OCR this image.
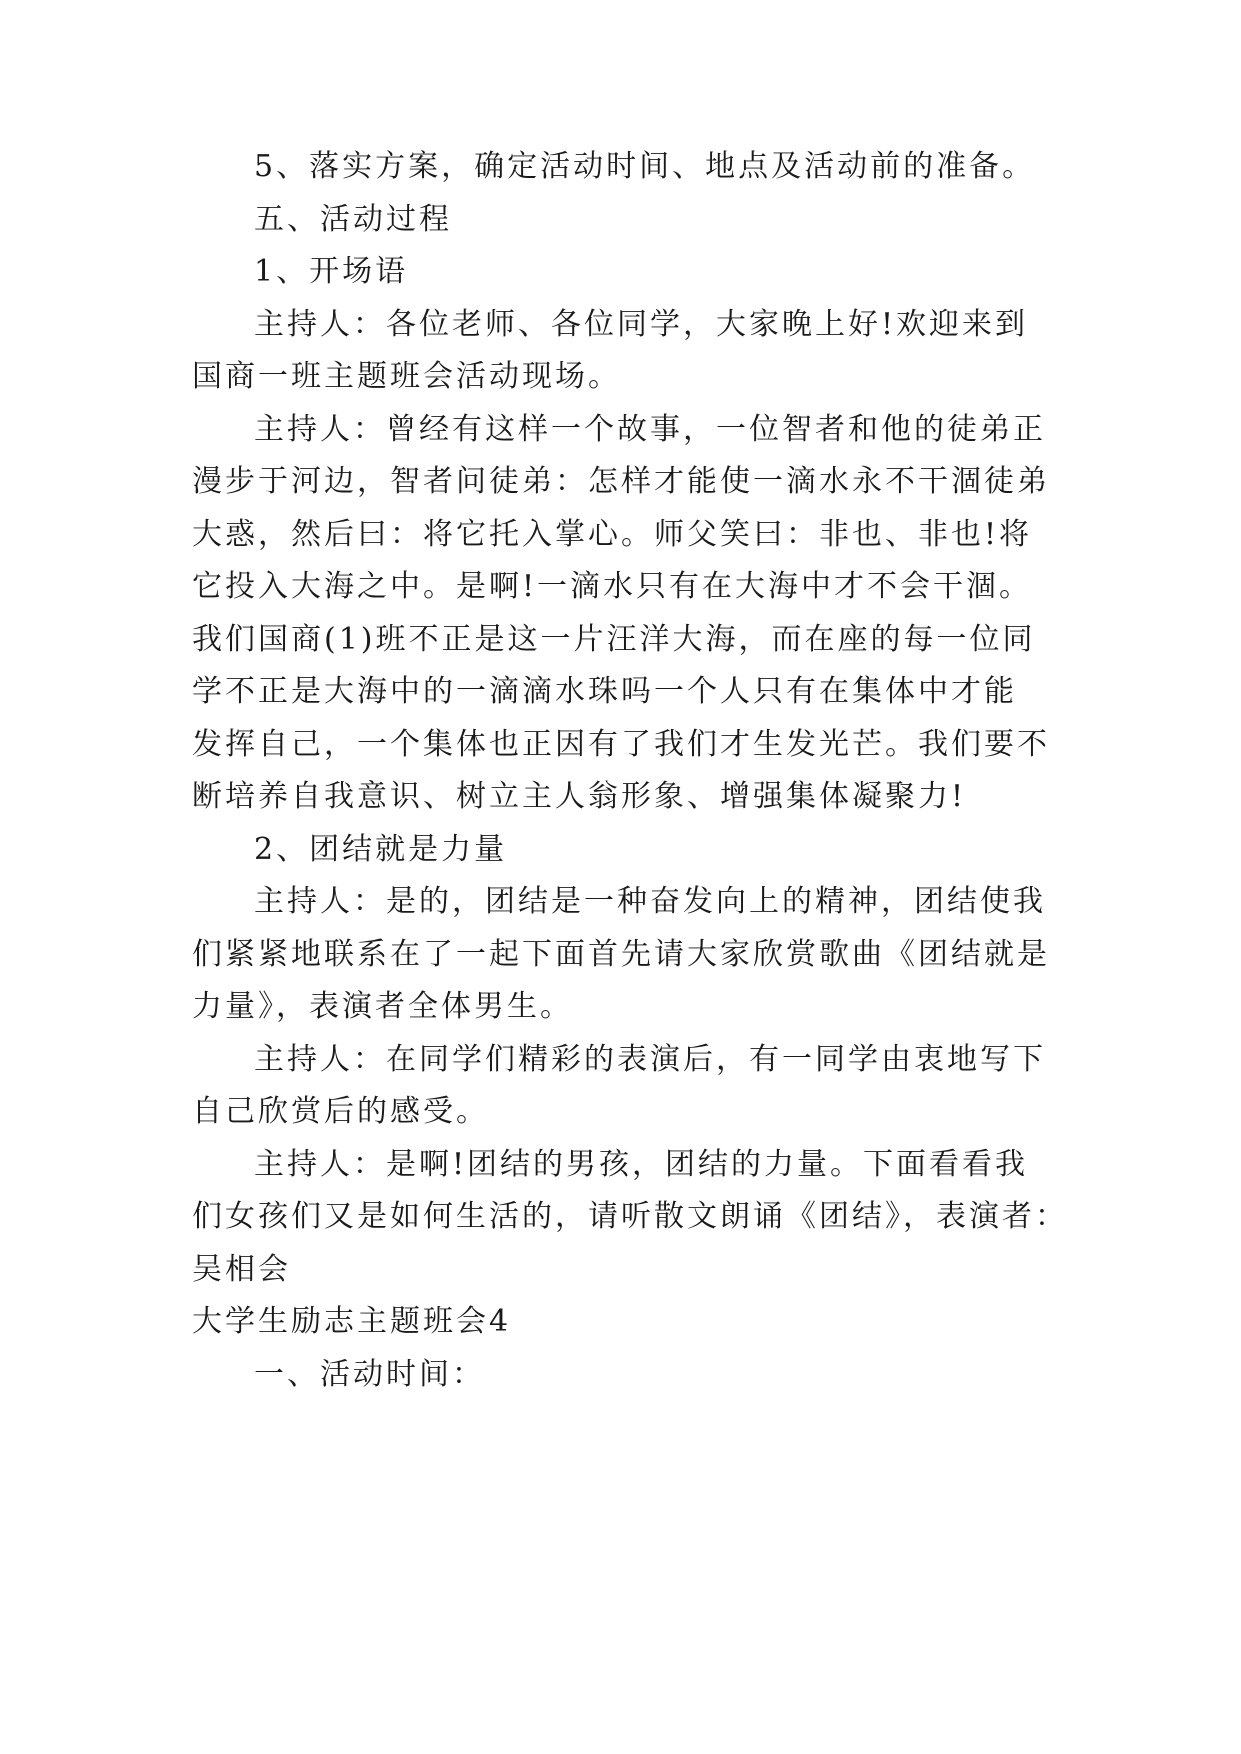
5、落实方案，确定活动时间、地点及活动前的准备。
五、活动过程
1、开场语
主持人：各位老师、各位同学，大家晚上好!欢迎来到
国商一班主题班会活动现场。
主持人：曾经有这样一个故事，一位智者和他的徒弟正
漫步于河边，智者问徒弟：怎样才能使一滴水永不干涸徒弟
大惑，然后曰：将它托入掌心。师父笑曰：非也、非也!将
它投入大海之中。是啊!一滴水只有在大海中才不会干涸。
我们国商(1)班不正是这一片汪洋大海，而在座的每一位同
学不正是大海中的一滴滴水珠吗一个人只有在集体中才能
发挥自己，一个集体也正因有了我们才生发光芒。我们要不
断培养自我意识、树立主人翁形象、增强集体凝聚力!
2、团结就是力量
主持人：是的，团结是一种奋发向上的精神，团结使我
们紧紧地联系在了一起下面首先请大家欣赏歌曲《团结就是
力量》，表演者全体男生。
主持人：在同学们精彩的表演后，有一同学由衷地写下
自己欣赏后的感受。
主持人：是啊!团结的男孩，团结的力量。下面看看我
们女孩们又是如何生活的，请听散文朗诵《团结》，表演者：
吴相会
大学生励志主题班会4
一、活动时间：
